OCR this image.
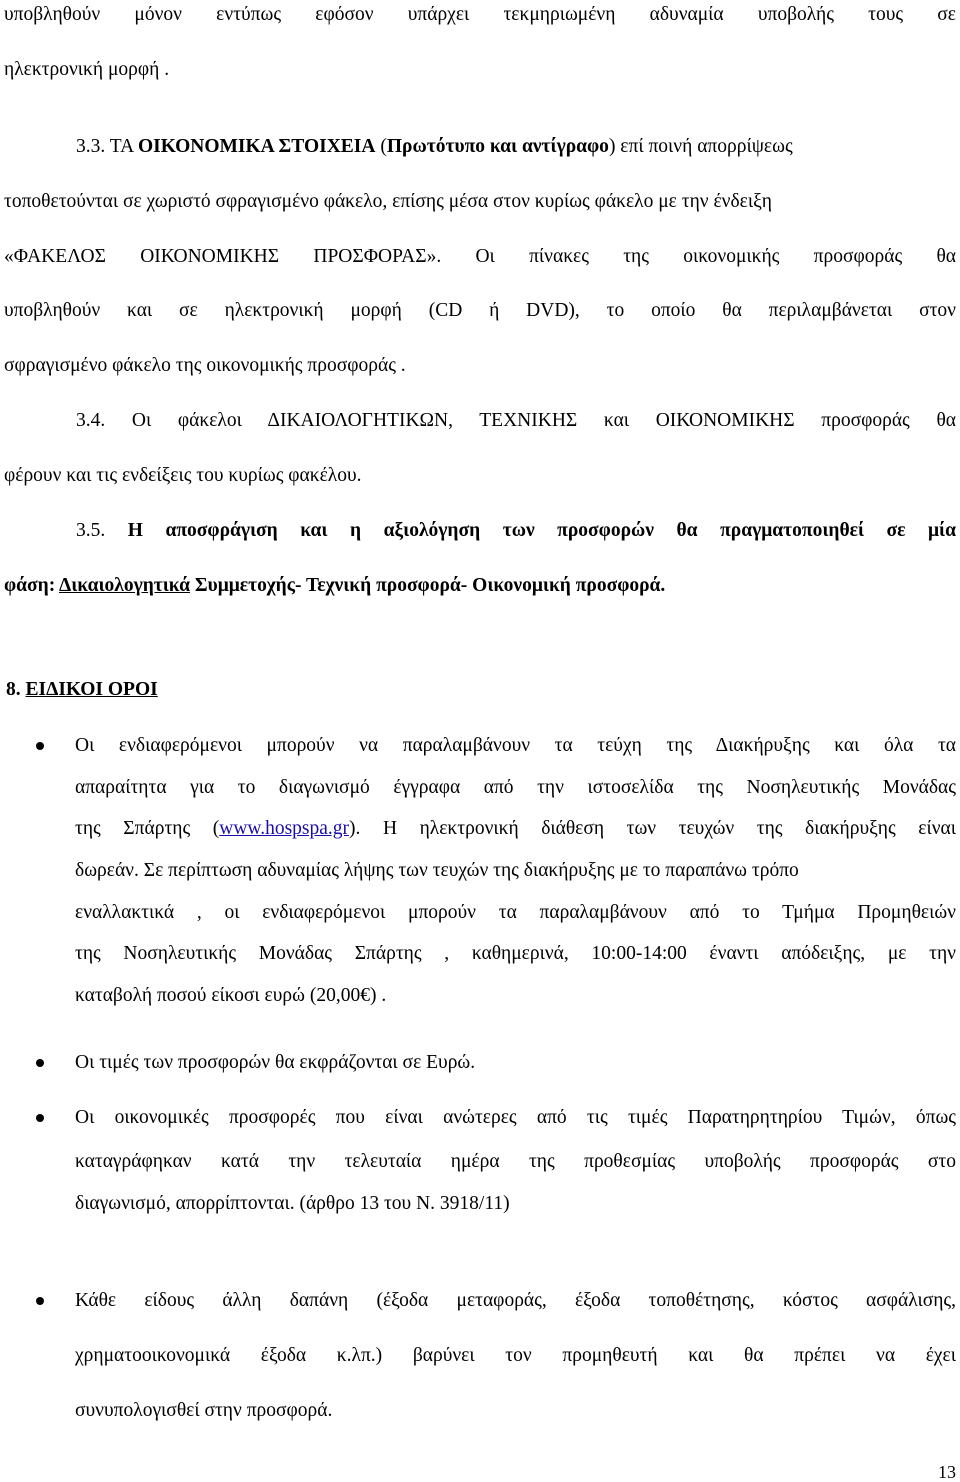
υποβληθούν μόνον εντύπως εφόσον υπάρχει τεκμηριωμένη αδυναμία υποβολής τους σε

ηλεκτρονική μορφή .

3.3. ΤΑ ΟΙΚΟΝΟΜΙΚΑ ΣΤΟΙΧΕΙΑ (Πρωτότυπο και αντίγραφο) επί ποινή απορρίψεως

τοποθετούνται σε χωριστό σφραγισμένο φάκελο, επίσης μέσα στον κυρίως φάκελο με την ένδειξη

«ΦΑΚΕΛΟΣ ΟΙΚΟΝΟΜΙΚΗΣ ΠΡΟΣΦΟΡΑΣ». Οι πίνακες της οικονομικής προσφοράς θα

υποβληθούν και σε ηλεκτρονική μορφή (CD ή DVD), το οποίο θα περιλαμβάνεται στον

σφραγισμένο φάκελο της οικονομικής προσφοράς .

3.4. Οι φάκελοι ΔΙΚΑΙΟΛΟΓΗΤΙΚΩΝ, ΤΕΧΝΙΚΗΣ και ΟΙΚΟΝΟΜΙΚΗΣ προσφοράς θα

φέρουν και τις ενδείξεις του κυρίως φακέλου.

3.5. Η αποσφράγιση και η αξιολόγηση των προσφορών θα πραγματοποιηθεί σε μία

φάση: Δικαιολογητικά Συμμετοχής- Τεχνική προσφορά- Οικονομική προσφορά.

8. ΕΙΔΙΚΟΙ ΟΡΟΙ

Οι ενδιαφερόμενοι μπορούν να παραλαμβάνουν τα τεύχη της Διακήρυξης και όλα τα

απαραίτητα για το διαγωνισμό έγγραφα από την ιστοσελίδα της Νοσηλευτικής Μονάδας

της Σπάρτης (www.hospspa.gr). Η ηλεκτρονική διάθεση των τευχών της διακήρυξης είναι

δωρεάν. Σε περίπτωση αδυναμίας λήψης των τευχών της διακήρυξης με το παραπάνω τρόπο

εναλλακτικά , οι ενδιαφερόμενοι μπορούν τα παραλαμβάνουν από το Τμήμα Προμηθειών

της Νοσηλευτικής Μονάδας Σπάρτης , καθημερινά, 10:00-14:00 έναντι απόδειξης, με την

καταβολή ποσού είκοσι ευρώ (20,00€) .

Οι τιμές των προσφορών θα εκφράζονται σε Ευρώ.

Οι οικονομικές προσφορές που είναι ανώτερες από τις τιμές Παρατηρητηρίου Τιμών, όπως

καταγράφηκαν κατά την τελευταία ημέρα της προθεσμίας υποβολής προσφοράς στο

διαγωνισμό, απορρίπτονται. (άρθρο 13 του Ν. 3918/11)

Κάθε είδους άλλη δαπάνη (έξοδα μεταφοράς, έξοδα τοποθέτησης, κόστος ασφάλισης,

χρηματοοικονομικά έξοδα κ.λπ.) βαρύνει τον προμηθευτή και θα πρέπει να έχει

συνυπολογισθεί στην προσφορά.

13
